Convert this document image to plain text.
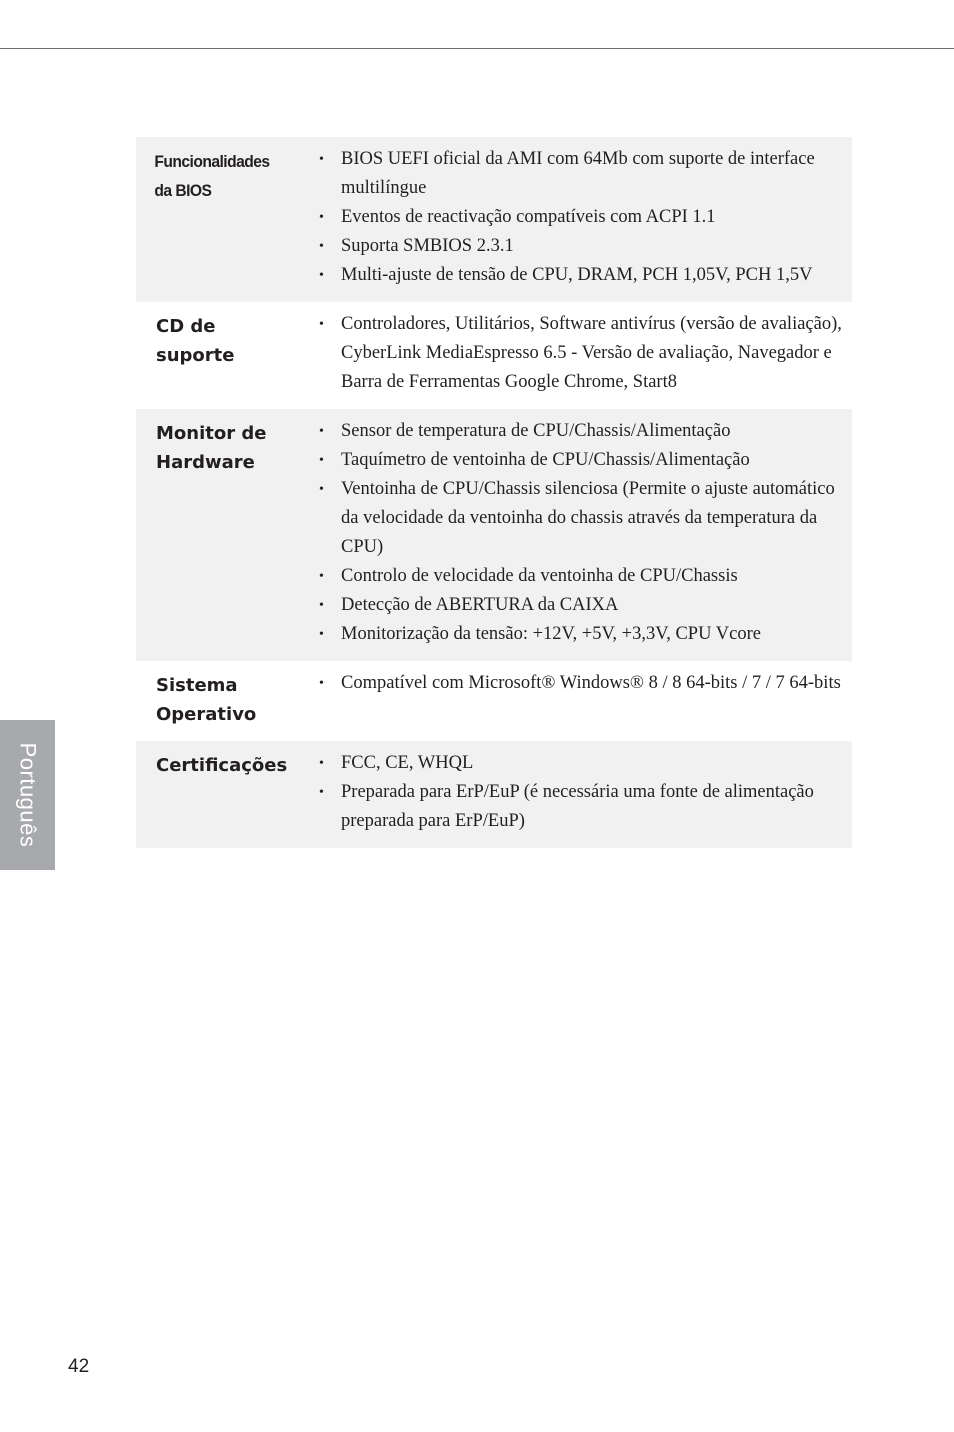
Funcionalidades
da BIOS
• BIOS UEFI oficial da AMI com 64Mb com suporte de interface multilíngue
• Eventos de reactivação compatíveis com ACPI 1.1
• Suporta SMBIOS 2.3.1
• Multi-ajuste de tensão de CPU, DRAM, PCH 1,05V, PCH 1,5V
CD de suporte
• Controladores, Utilitários, Software antivírus (versão de avaliação), CyberLink MediaEspresso 6.5 - Versão de avaliação, Navegador e Barra de Ferramentas Google Chrome, Start8
Monitor de
Hardware
• Sensor de temperatura de CPU/Chassis/Alimentação
• Taquímetro de ventoinha de CPU/Chassis/Alimentação
• Ventoinha de CPU/Chassis silenciosa (Permite o ajuste automático da velocidade da ventoinha do chassis através da temperatura da CPU)
• Controlo de velocidade da ventoinha de CPU/Chassis
• Detecção de ABERTURA da CAIXA
• Monitorização da tensão: +12V, +5V, +3,3V, CPU Vcore
Sistema
Operativo
• Compatível com Microsoft® Windows® 8 / 8 64-bits / 7 / 7 64-bits
Certificações
•	FCC, CE, WHQL
• Preparada para ErP/EuP (é necessária uma fonte de alimentação preparada para ErP/EuP)
Português
42
